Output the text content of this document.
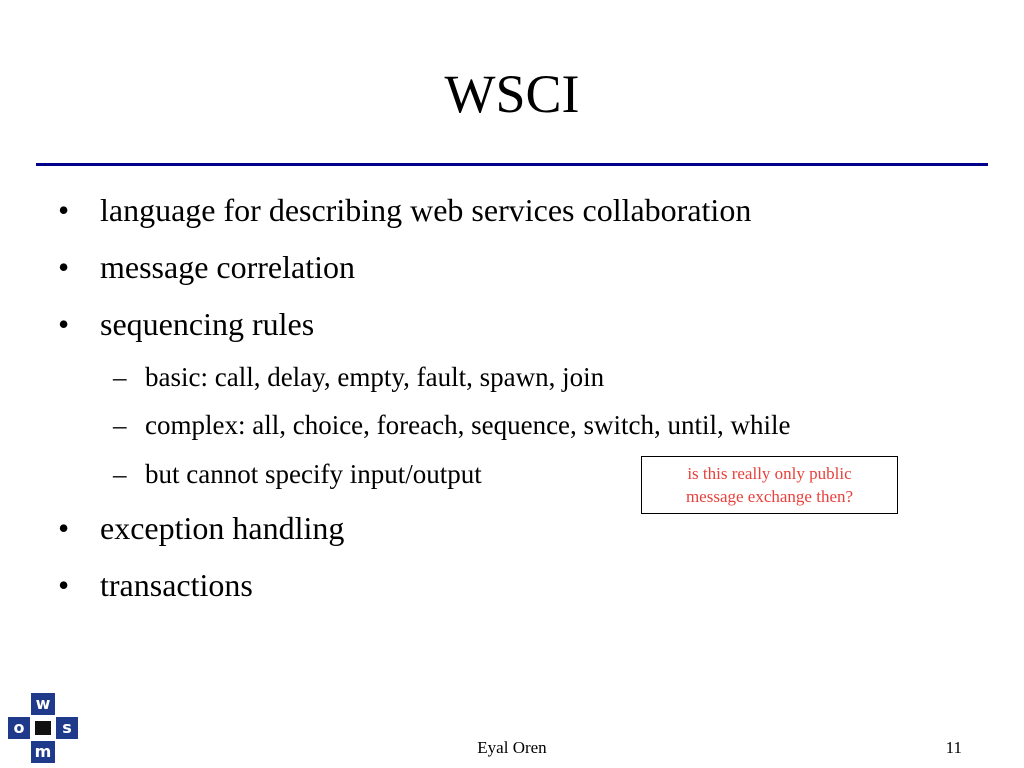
WSCI
• language for describing web services collaboration
• message correlation
• sequencing rules
– basic: call, delay, empty, fault, spawn, join
– complex: all, choice, foreach, sequence, switch, until, while
– but cannot specify input/output
• exception handling
• transactions
is this really only public
message exchange then?
w
o s
m	Eyal Oren	11
